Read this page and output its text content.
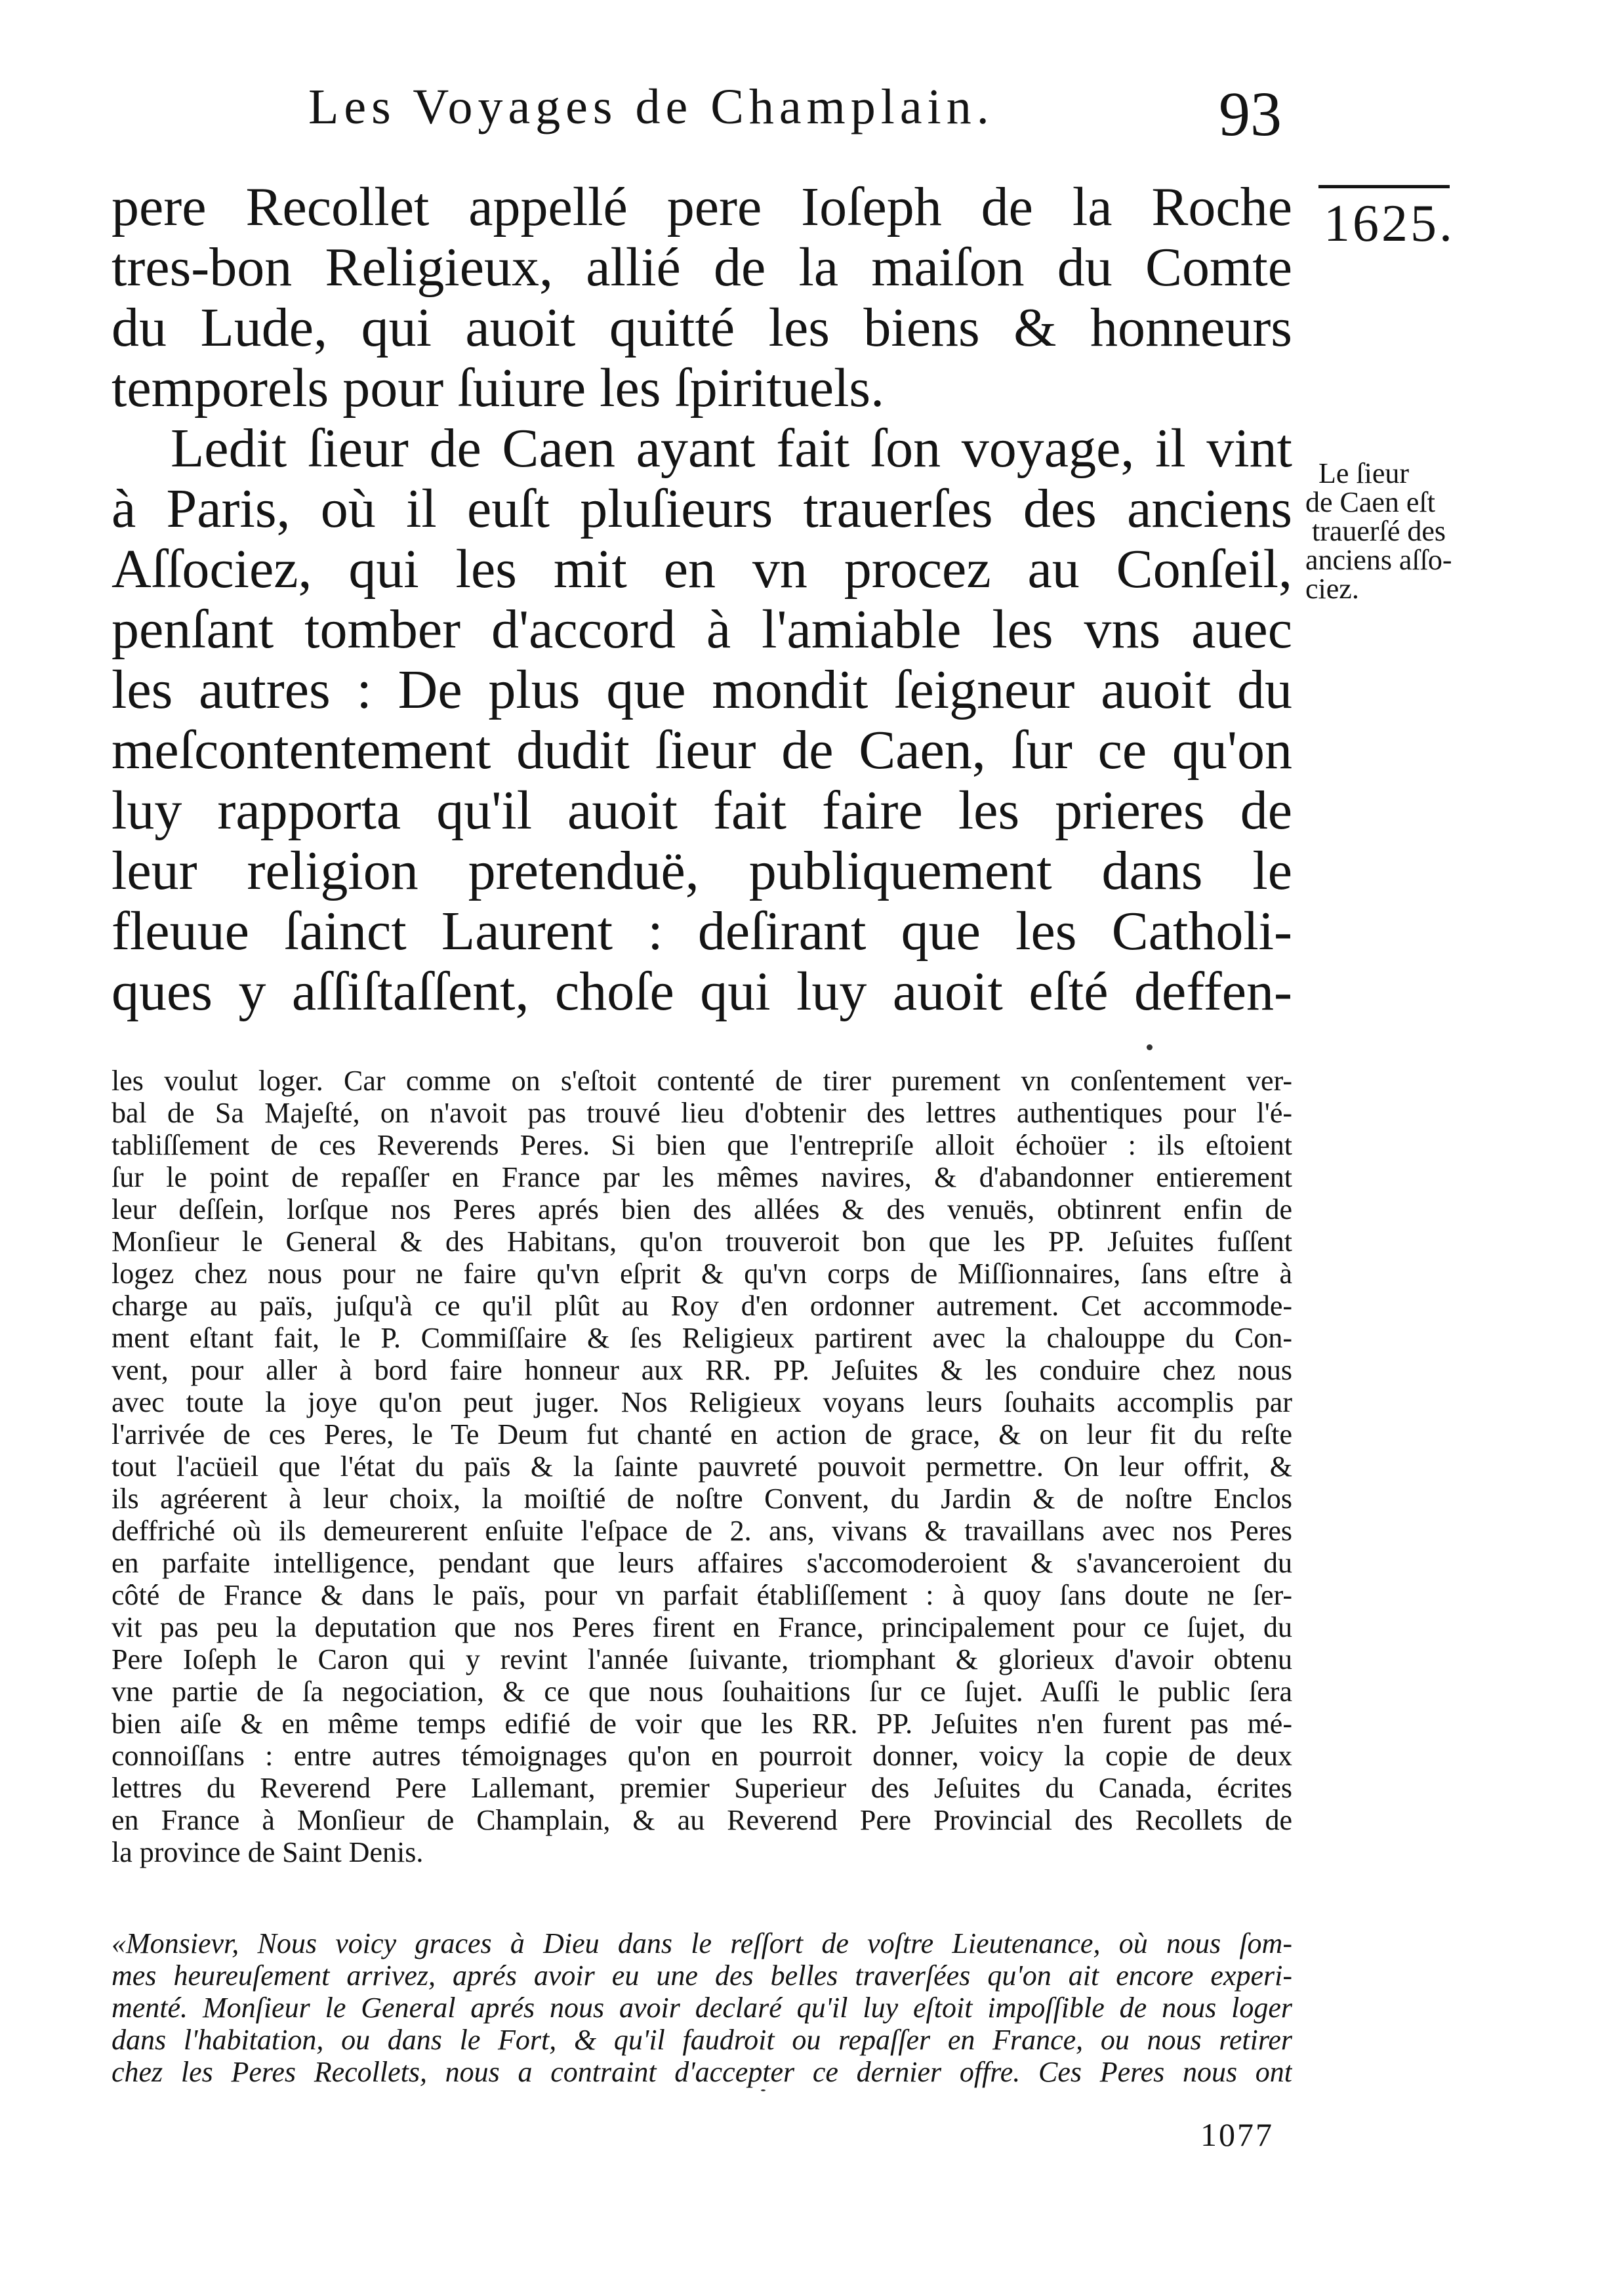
Les Voyages de Champlain.	93
1625.
pere Recollet appellé pere Ioſeph de la Roche
tres-bon Religieux, allié de la maiſon du Comte
du Lude, qui auoit quitté les biens & honneurs
temporels pour ſuiure les ſpirituels.
Ledit ſieur de Caen ayant fait ſon voyage, il vint
à Paris, où il euſt pluſieurs trauerſes des anciens
Aſſociez, qui les mit en vn procez au Conſeil,
penſant tomber d'accord à l'amiable les vns auec
les autres : De plus que mondit ſeigneur auoit du
meſcontentement dudit ſieur de Caen, ſur ce qu'on
luy rapporta qu'il auoit fait faire les prieres de
leur religion pretenduë, publiquement dans le
fleuue ſainct Laurent : deſirant que les Catholi-
ques y aſſiſtaſſent, choſe qui luy auoit eſté deffen-
Le ſieur
de Caen eſt
trauerſé des
anciens aſſo-
ciez.
les voulut loger. Car comme on s'eſtoit contenté de tirer purement vn conſentement ver-
bal de Sa Majeſté, on n'avoit pas trouvé lieu d'obtenir des lettres authentiques pour l'é-
tabliſſement de ces Reverends Peres. Si bien que l'entrepriſe alloit échoüer : ils eſtoient
ſur le point de repaſſer en France par les mêmes navires, & d'abandonner entierement
leur deſſein, lorſque nos Peres aprés bien des allées & des venuës, obtinrent enfin de
Monſieur le General & des Habitans, qu'on trouveroit bon que les PP. Jeſuites fuſſent
logez chez nous pour ne faire qu'vn eſprit & qu'vn corps de Miſſionnaires, ſans eſtre à
charge au païs, juſqu'à ce qu'il plût au Roy d'en ordonner autrement. Cet accommode-
ment eſtant fait, le P. Commiſſaire & ſes Religieux partirent avec la chalouppe du Con-
vent, pour aller à bord faire honneur aux RR. PP. Jeſuites & les conduire chez nous
avec toute la joye qu'on peut juger. Nos Religieux voyans leurs ſouhaits accomplis par
l'arrivée de ces Peres, le Te Deum fut chanté en action de grace, & on leur fit du reſte
tout l'acüeil que l'état du païs & la ſainte pauvreté pouvoit permettre. On leur offrit, &
ils agréerent à leur choix, la moiſtié de noſtre Convent, du Jardin & de noſtre Enclos
deffriché où ils demeurerent enſuite l'eſpace de 2. ans, vivans & travaillans avec nos Peres
en parfaite intelligence, pendant que leurs affaires s'accomoderoient & s'avanceroient du
côté de France & dans le païs, pour vn parfait établiſſement : à quoy ſans doute ne ſer-
vit pas peu la deputation que nos Peres firent en France, principalement pour ce ſujet, du
Pere Ioſeph le Caron qui y revint l'année ſuivante, triomphant & glorieux d'avoir obtenu
vne partie de ſa negociation, & ce que nous ſouhaitions ſur ce ſujet. Auſſi le public ſera
bien aiſe & en même temps edifié de voir que les RR. PP. Jeſuites n'en furent pas mé-
connoiſſans : entre autres témoignages qu'on en pourroit donner, voicy la copie de deux
lettres du Reverend Pere Lallemant, premier Superieur des Jeſuites du Canada, écrites
en France à Monſieur de Champlain, & au Reverend Pere Provincial des Recollets de
la province de Saint Denis.
«Monsievr, Nous voicy graces à Dieu dans le reſſort de voſtre Lieutenance, où nous ſom-
mes heureuſement arrivez, aprés avoir eu une des belles traverſées qu'on ait encore experi-
menté. Monſieur le General aprés nous avoir declaré qu'il luy eſtoit impoſſible de nous loger
dans l'habitation, ou dans le Fort, & qu'il faudroit ou repaſſer en France, ou nous retirer
chez les Peres Recollets, nous a contraint d'accepter ce dernier offre. Ces Peres nous ont
1077
